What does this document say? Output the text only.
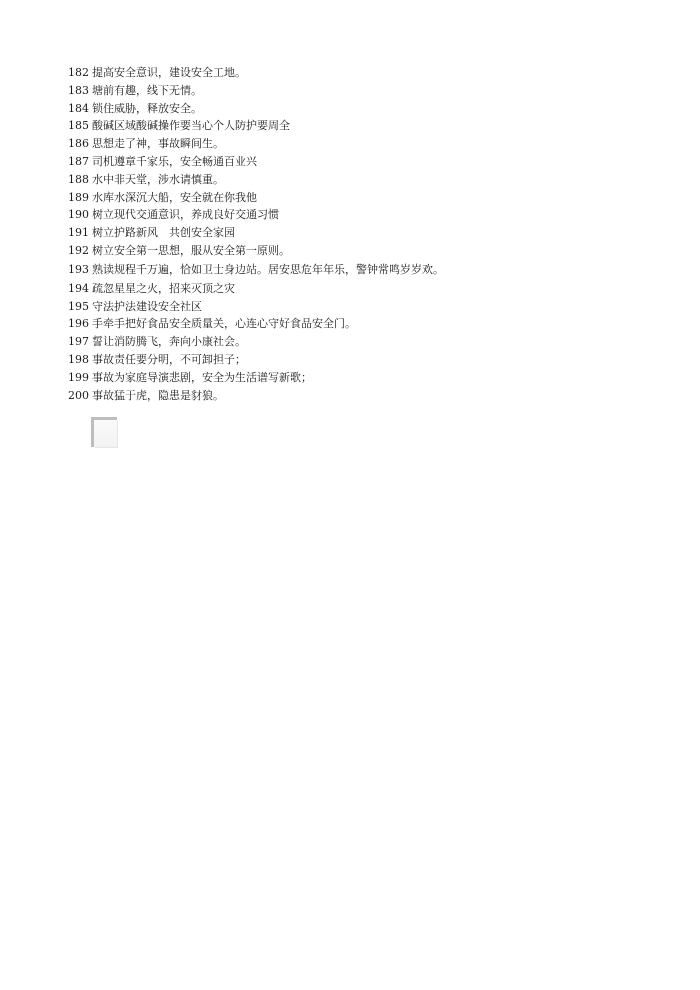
182 提高安全意识，建设安全工地。
183 塘前有趣，线下无情。
184 锁住威胁，释放安全。
185 酸碱区域酸碱操作要当心个人防护要周全
186 思想走了神，事故瞬间生。
187 司机遵章千家乐，安全畅通百业兴
188 水中非天堂，涉水请慎重。
189 水库水深沉大船，安全就在你我他
190 树立现代交通意识，养成良好交通习惯
191 树立护路新风　共创安全家园
192 树立安全第一思想，服从安全第一原则。
193 熟读规程千万遍，恰如卫士身边站。居安思危年年乐，警钟常鸣岁岁欢。
194 疏忽星星之火，招来灭顶之灾
195 守法护法建设安全社区
196 手牵手把好食品安全质量关，心连心守好食品安全门。
197 誓让消防腾飞，奔向小康社会。
198 事故责任要分明，不可卸担子；
199 事故为家庭导演悲剧，安全为生活谱写新歌；
200 事故猛于虎，隐患是豺狼。
